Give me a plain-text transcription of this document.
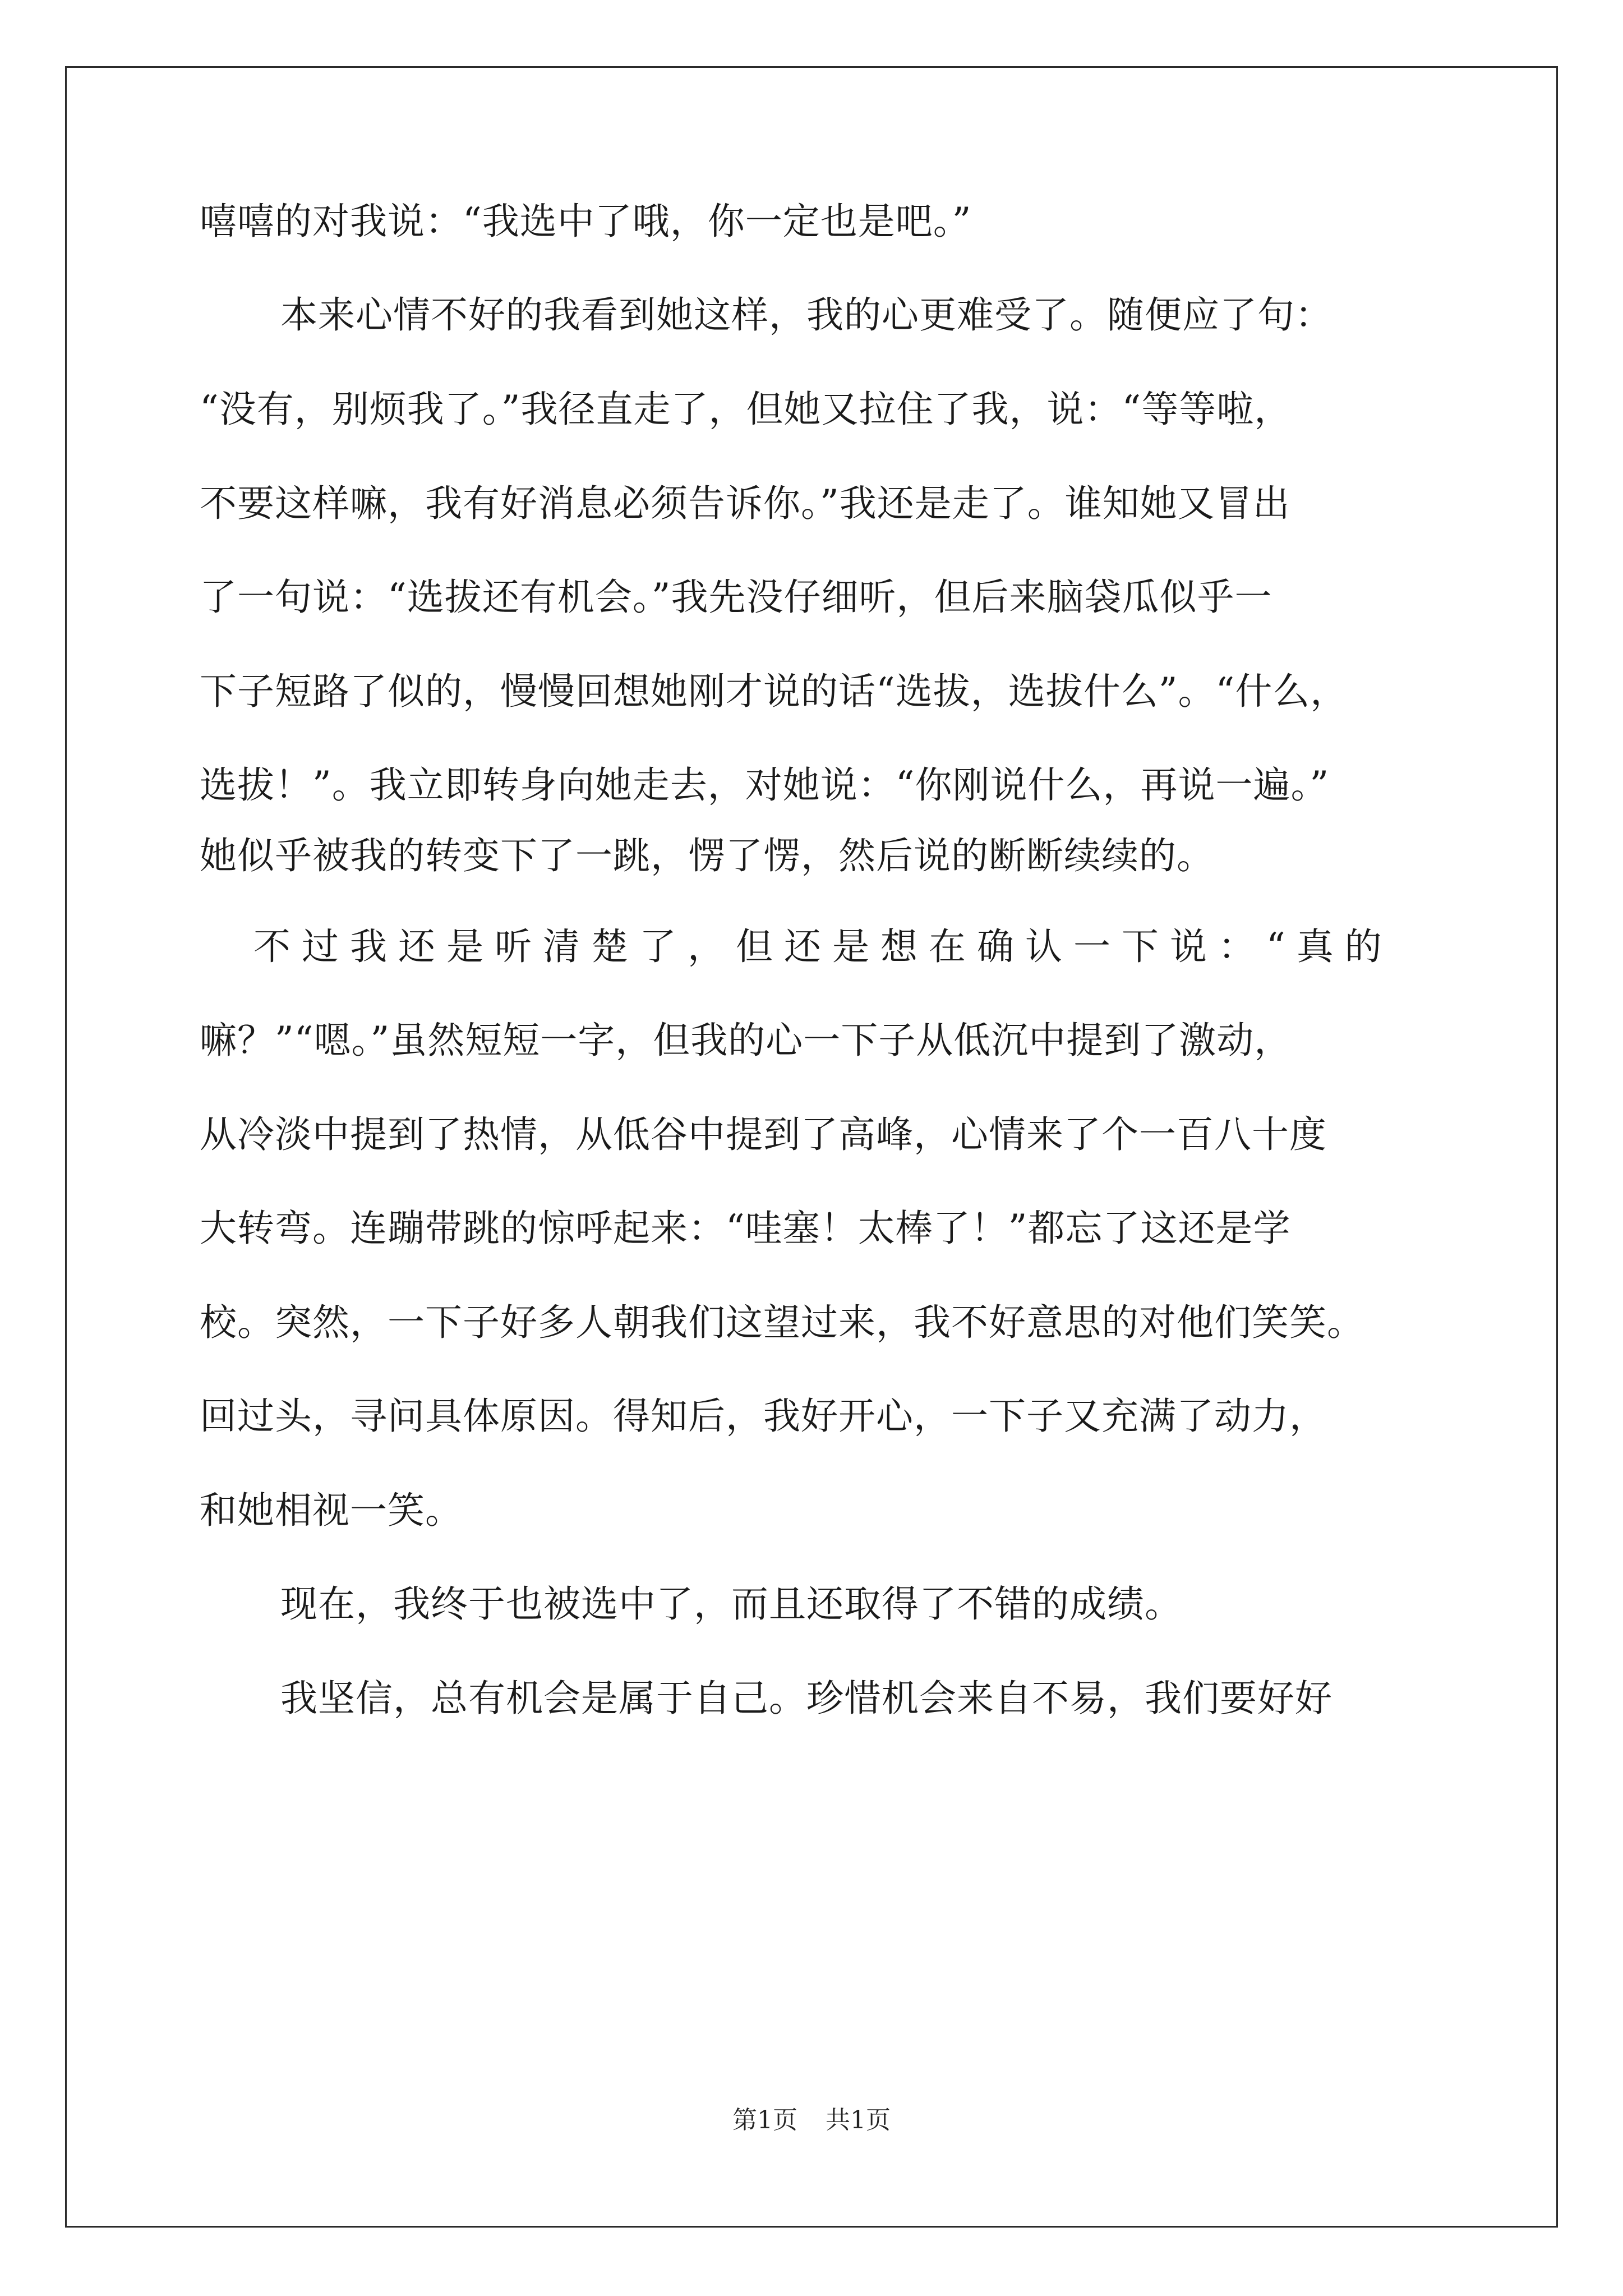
嘻嘻的对我说：“我选中了哦，你一定也是吧。”
本来心情不好的我看到她这样，我的心更难受了。随便应了句：
“没有，别烦我了。”我径直走了，但她又拉住了我，说：“等等啦，
不要这样嘛，我有好消息必须告诉你。”我还是走了。谁知她又冒出
了一句说：“选拔还有机会。”我先没仔细听，但后来脑袋瓜似乎一
下子短路了似的，慢慢回想她刚才说的话“选拔，选拔什么”。“什么，
选拔！”。我立即转身向她走去，对她说：“你刚说什么，再说一遍。”
她似乎被我的转变下了一跳，愣了愣，然后说的断断续续的。
不过我还是听清楚了，但还是想在确认一下说：“真的
嘛？”“嗯。”虽然短短一字，但我的心一下子从低沉中提到了激动，
从冷淡中提到了热情，从低谷中提到了高峰，心情来了个一百八十度
大转弯。连蹦带跳的惊呼起来：“哇塞！太棒了！”都忘了这还是学
校。突然，一下子好多人朝我们这望过来，我不好意思的对他们笑笑。
回过头，寻问具体原因。得知后，我好开心，一下子又充满了动力，
和她相视一笑。
现在，我终于也被选中了，而且还取得了不错的成绩。
我坚信，总有机会是属于自己。珍惜机会来自不易，我们要好好
第1页 共1页
